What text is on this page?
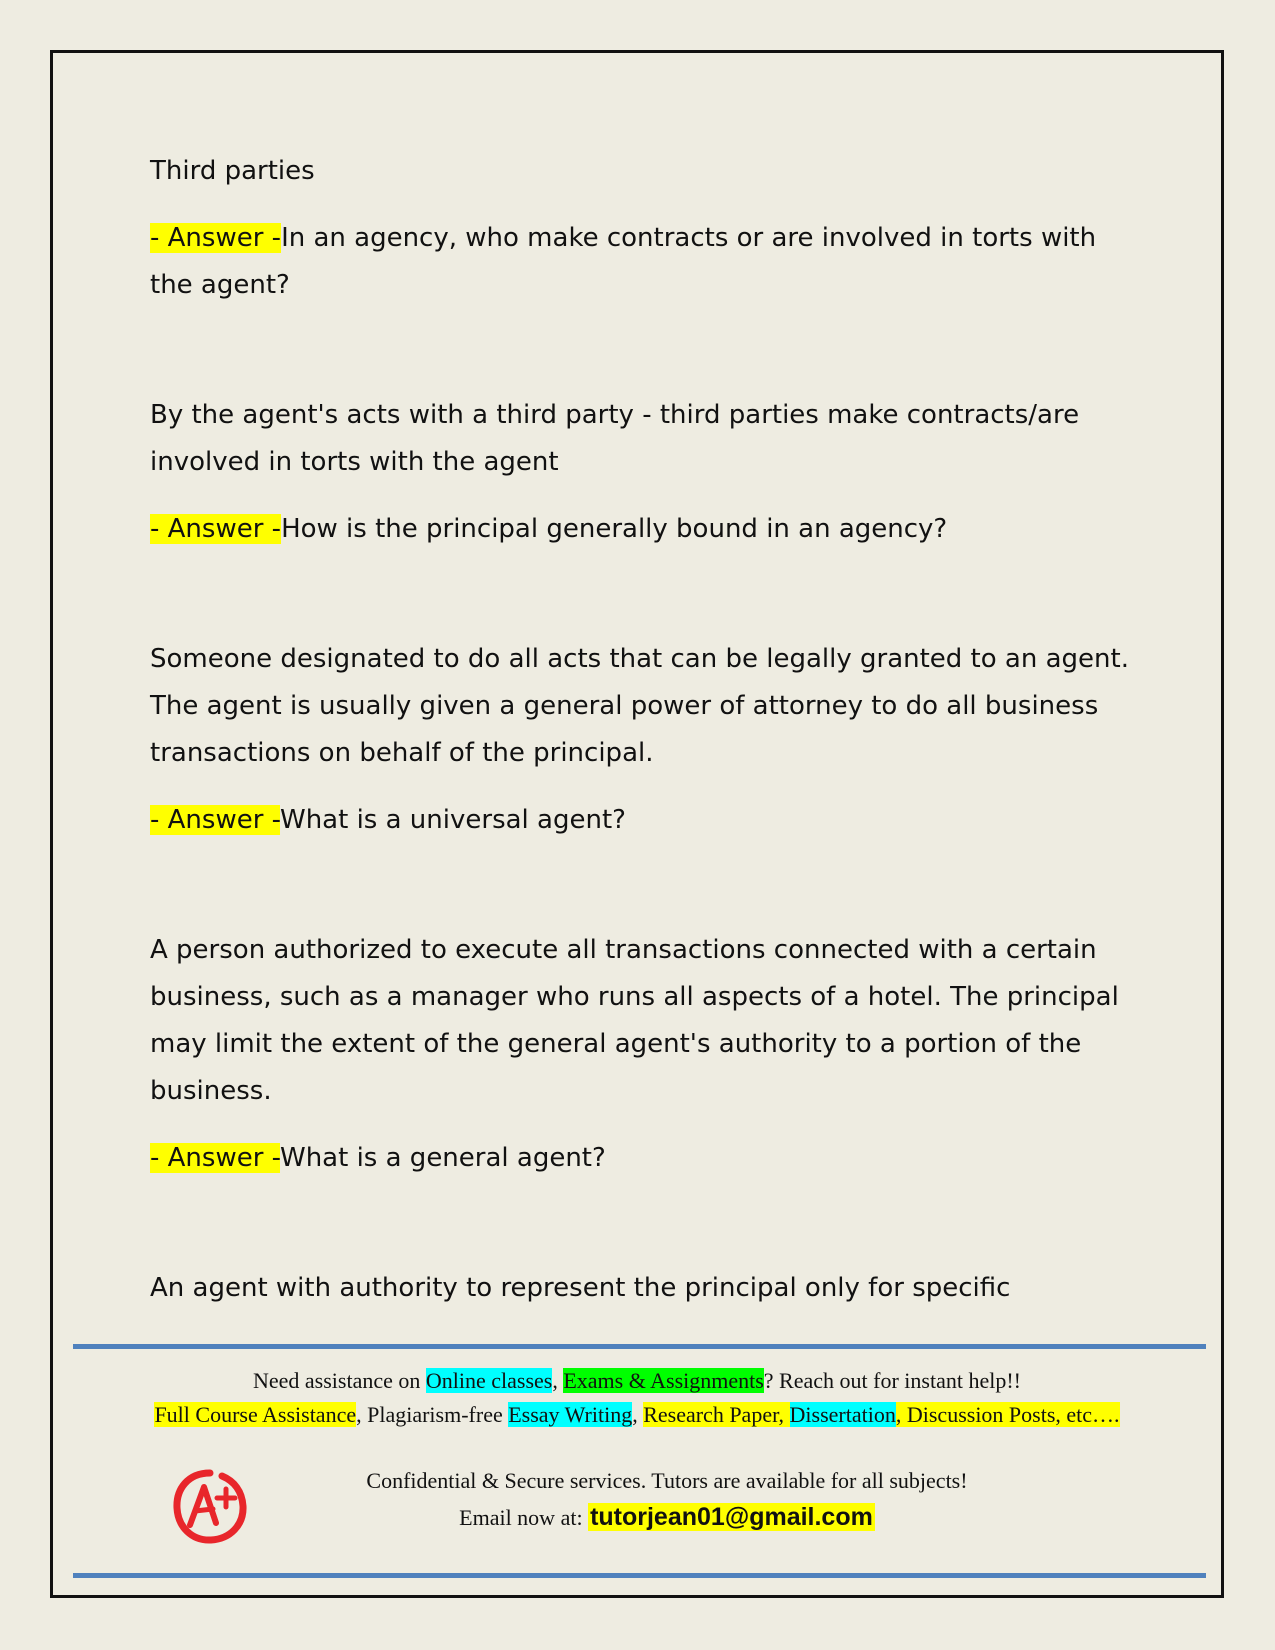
Third parties

- Answer -In an agency, who make contracts or are involved in torts with the agent?

By the agent's acts with a third party - third parties make contracts/are involved in torts with the agent

- Answer -How is the principal generally bound in an agency?

Someone designated to do all acts that can be legally granted to an agent. The agent is usually given a general power of attorney to do all business transactions on behalf of the principal.

- Answer -What is a universal agent?

A person authorized to execute all transactions connected with a certain business, such as a manager who runs all aspects of a hotel. The principal may limit the extent of the general agent's authority to a portion of the business.

- Answer -What is a general agent?

An agent with authority to represent the principal only for specific

Need assistance on Online classes, Exams & Assignments? Reach out for instant help!!
Full Course Assistance, Plagiarism-free Essay Writing, Research Paper, Dissertation, Discussion Posts, etc….
Confidential & Secure services. Tutors are available for all subjects!
Email now at: tutorjean01@gmail.com
